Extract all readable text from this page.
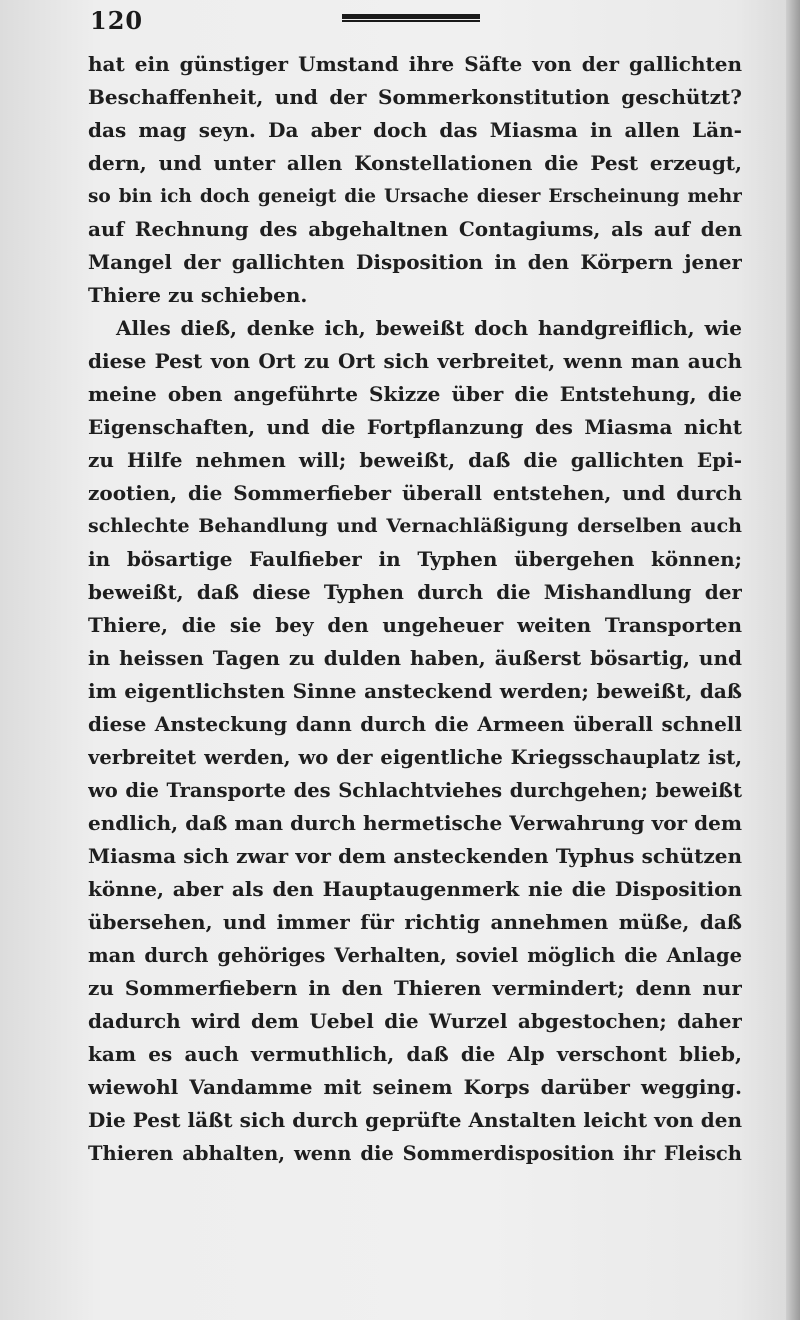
120
hat ein günstiger Umstand ihre Säfte von der gallichten
Beschaffenheit, und der Sommerkonstitution geschützt?
das mag seyn. Da aber doch das Miasma in allen Län-
dern, und unter allen Konstellationen die Pest erzeugt,
so bin ich doch geneigt die Ursache dieser Erscheinung mehr
auf Rechnung des abgehaltnen Contagiums, als auf den
Mangel der gallichten Disposition in den Körpern jener
Thiere zu schieben.
Alles dieß, denke ich, beweißt doch handgreiflich, wie
diese Pest von Ort zu Ort sich verbreitet, wenn man auch
meine oben angeführte Skizze über die Entstehung, die
Eigenschaften, und die Fortpflanzung des Miasma nicht
zu Hilfe nehmen will; beweißt, daß die gallichten Epi-
zootien, die Sommerfieber überall entstehen, und durch
schlechte Behandlung und Vernachläßigung derselben auch
in bösartige Faulfieber in Typhen übergehen können;
beweißt, daß diese Typhen durch die Mishandlung der
Thiere, die sie bey den ungeheuer weiten Transporten
in heissen Tagen zu dulden haben, äußerst bösartig, und
im eigentlichsten Sinne ansteckend werden; beweißt, daß
diese Ansteckung dann durch die Armeen überall schnell
verbreitet werden, wo der eigentliche Kriegsschauplatz ist,
wo die Transporte des Schlachtviehes durchgehen; beweißt
endlich, daß man durch hermetische Verwahrung vor dem
Miasma sich zwar vor dem ansteckenden Typhus schützen
könne, aber als den Hauptaugenmerk nie die Disposition
übersehen, und immer für richtig annehmen müße, daß
man durch gehöriges Verhalten, soviel möglich die Anlage
zu Sommerfiebern in den Thieren vermindert; denn nur
dadurch wird dem Uebel die Wurzel abgestochen; daher
kam es auch vermuthlich, daß die Alp verschont blieb,
wiewohl Vandamme mit seinem Korps darüber wegging.
Die Pest läßt sich durch geprüfte Anstalten leicht von den
Thieren abhalten, wenn die Sommerdisposition ihr Fleisch
